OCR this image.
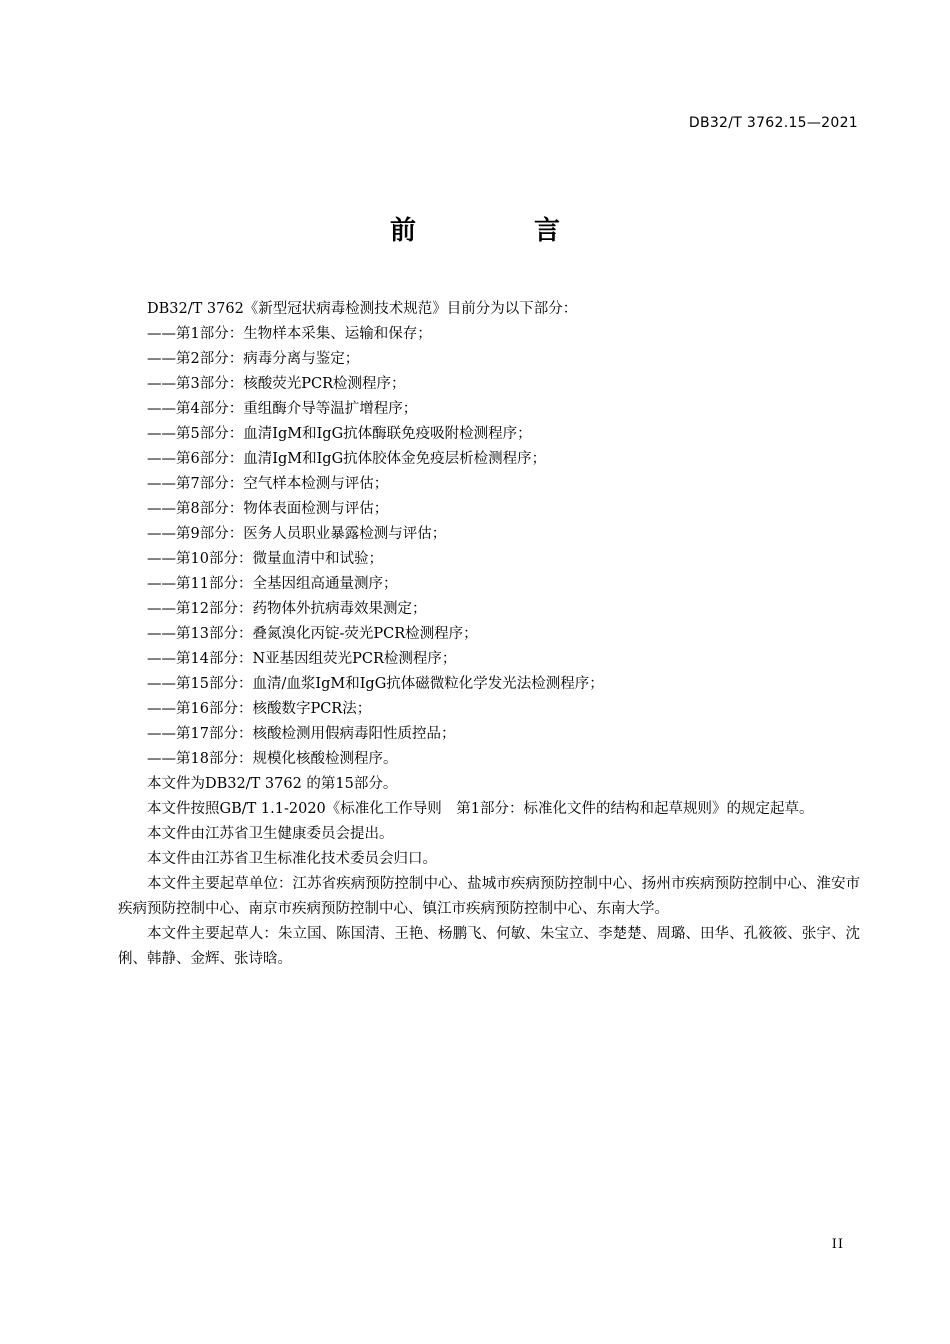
DB32/T 3762.15—2021
前　言
DB32/T 3762《新型冠状病毒检测技术规范》目前分为以下部分：
——第1部分：生物样本采集、运输和保存；
——第2部分：病毒分离与鉴定；
——第3部分：核酸荧光PCR检测程序；
——第4部分：重组酶介导等温扩增程序；
——第5部分：血清IgM和IgG抗体酶联免疫吸附检测程序；
——第6部分：血清IgM和IgG抗体胶体金免疫层析检测程序；
——第7部分：空气样本检测与评估；
——第8部分：物体表面检测与评估；
——第9部分：医务人员职业暴露检测与评估；
——第10部分：微量血清中和试验；
——第11部分：全基因组高通量测序；
——第12部分：药物体外抗病毒效果测定；
——第13部分：叠氮溴化丙锭-荧光PCR检测程序；
——第14部分：N亚基因组荧光PCR检测程序；
——第15部分：血清/血浆IgM和IgG抗体磁微粒化学发光法检测程序；
——第16部分：核酸数字PCR法；
——第17部分：核酸检测用假病毒阳性质控品；
——第18部分：规模化核酸检测程序。
本文件为DB32/T 3762 的第15部分。
本文件按照GB/T 1.1-2020《标准化工作导则　第1部分：标准化文件的结构和起草规则》的规定起草。
本文件由江苏省卫生健康委员会提出。
本文件由江苏省卫生标准化技术委员会归口。
本文件主要起草单位：江苏省疾病预防控制中心、盐城市疾病预防控制中心、扬州市疾病预防控制中心、淮安市疾病预防控制中心、南京市疾病预防控制中心、镇江市疾病预防控制中心、东南大学。
本文件主要起草人：朱立国、陈国清、王艳、杨鹏飞、何敏、朱宝立、李楚楚、周璐、田华、孔筱筱、张宇、沈俐、韩静、金辉、张诗晗。
II
